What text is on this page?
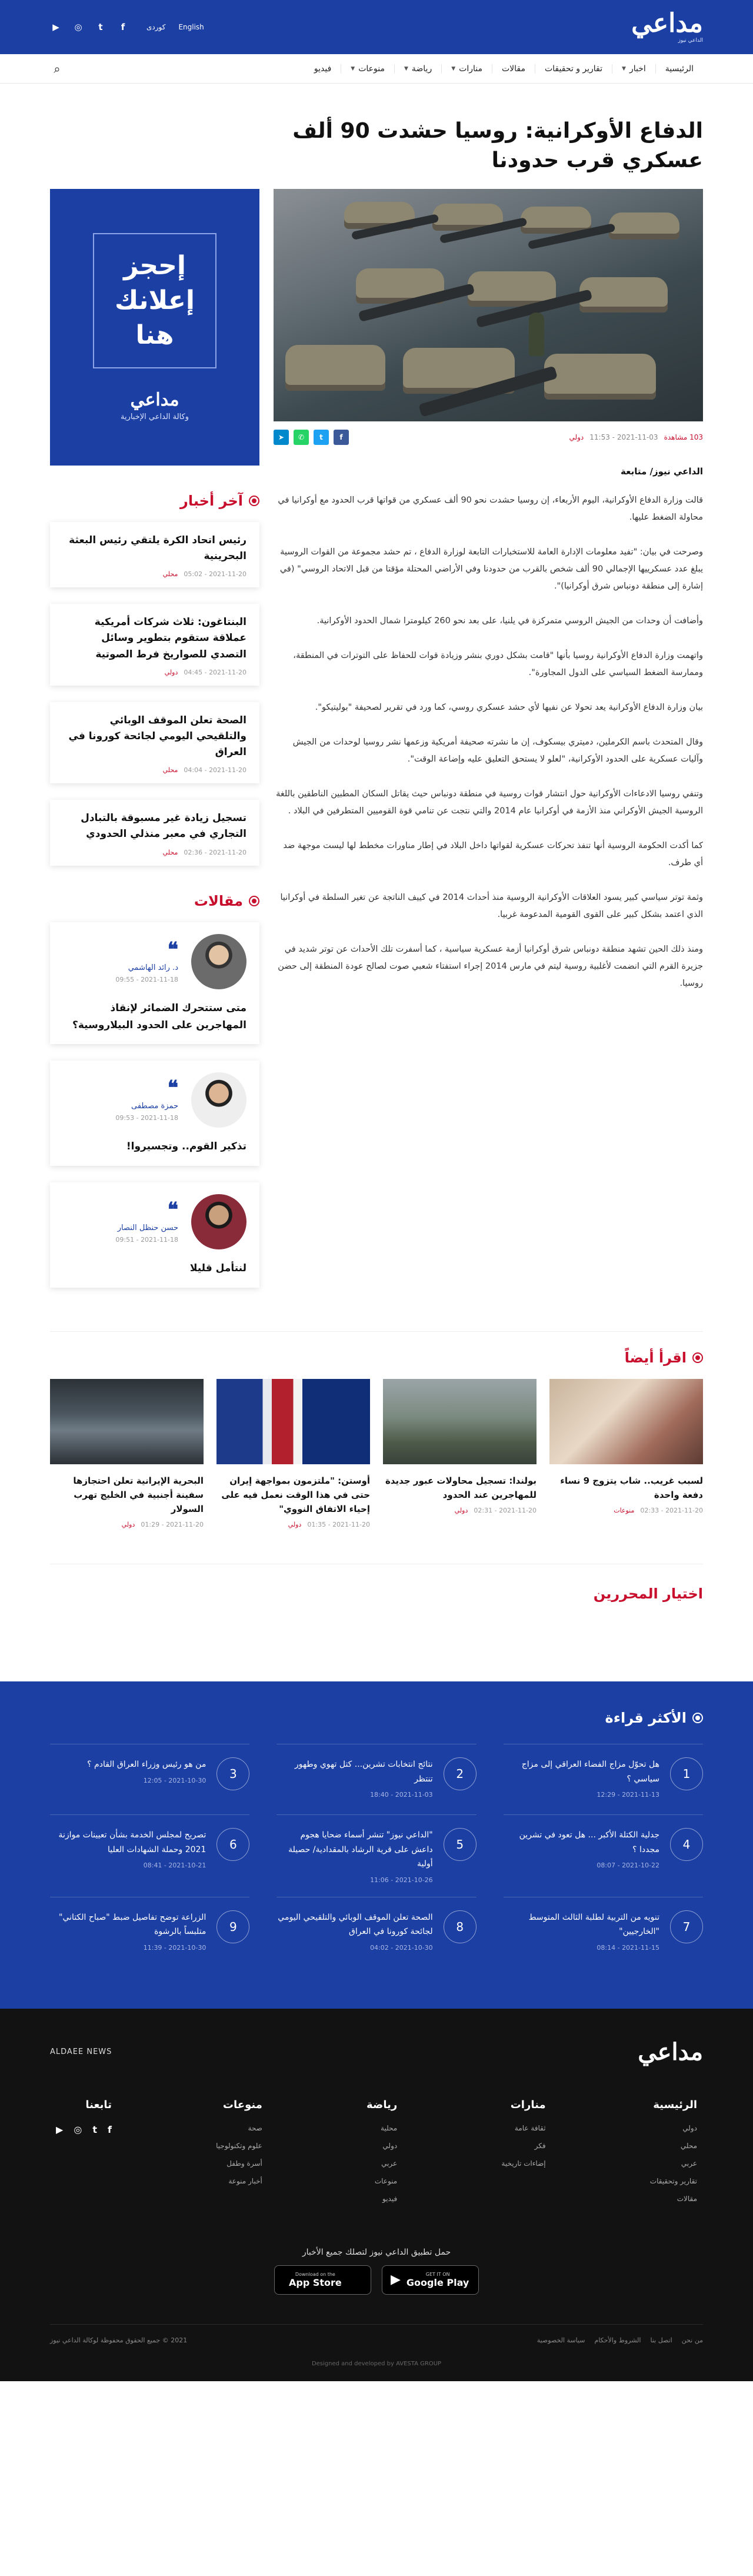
مداعي
الداعي نيوز
▶ ◎	t	f	کوردی English
الرئيسية
اخبار
▼
تقارير و تحقيقات
مقالات
منارات
▼
رياضة
▼
منوعات
▼
فيديو
⌕
الدفاع الأوكرانية: روسيا حشدت 90 ألف عسكري قرب حدودنا
103 مشاهدة
2021-11-03 - 11:53
دولي
f
t
✆
➤
الداعي نيوز/ متابعة

قالت وزارة الدفاع الأوكرانية، اليوم الأربعاء، إن روسيا حشدت نحو 90 ألف عسكري من قواتها قرب الحدود مع أوكرانيا في محاولة الضغط عليها.

وصرحت في بيان: "تفيد معلومات الإدارة العامة للاستخبارات التابعة لوزارة الدفاع ، تم حشد مجموعة من القوات الروسية يبلغ عدد عسكرييها الإجمالي 90 ألف شخص بالقرب من حدودنا وفي الأراضي المحتلة مؤقتا من قبل الاتحاد الروسي" (في إشارة إلى منطقة دونباس شرق أوكرانيا)".

وأضافت أن وحدات من الجيش الروسي متمركزة في يلنيا، على بعد نحو 260 كيلومترا شمال الحدود الأوكرانية.

واتهمت وزارة الدفاع الأوكرانية روسيا بأنها "قامت بشكل دوري بنشر وزيادة قوات للحفاظ على التوترات في المنطقة، وممارسة الضغط السياسي على الدول المجاورة".

بيان وزارة الدفاع الأوكرانية يعد تحولا عن نفيها لأي حشد عسكري روسي، كما ورد في تقرير لصحيفة "بوليتيكو".

وقال المتحدث باسم الكرملين، دميتري بيسكوف، إن ما نشرته صحيفة أمريكية وزعمها نشر روسيا لوحدات من الجيش وآليات عسكرية على الحدود الأوكرانية، "لعلو لا يستحق التعليق عليه وإضاعة الوقت".

وتنفي روسيا الادعاءات الأوكرانية حول انتشار قوات روسية في منطقة دونباس حيث يقاتل السكان المطبين الناطقين باللغة الروسية الجيش الأوكراني منذ الأزمة في أوكرانيا عام 2014 والتي نتجت عن تنامي قوة القوميين المتطرفين في البلاد .

كما أكدت الحكومة الروسية أنها تنفذ تحركات عسكرية لقواتها داخل البلاد في إطار مناورات مخطط لها ليست موجهة ضد أي طرف.

وثمة توتر سياسي كبير يسود العلاقات الأوكرانية الروسية منذ أحداث 2014 في كييف الناتجة عن تغير السلطة في أوكرانيا الذي اعتمد بشكل كبير على القوى القومية المدعومة غربيا.

ومنذ ذلك الحين تشهد منطقة دونباس شرق أوكرانيا أزمة عسكرية سياسية ، كما أسفرت تلك الأحداث عن توتر شديد في جزيرة القرم التي انضمت لأغلبية روسية ليتم في مارس 2014 إجراء استفتاء شعبي صوت لصالح عودة المنطقة إلى حضن روسيا.

إحجز إعلانك هنا
مداعي
وكالة الداعي الإخبارية
آخر أخبار
رئيس اتحاد الكرة يلتقي رئيس البعثة البحرينية
2021-11-20 - 05:02
محلي
البنتاغون: ثلاث شركات أمريكية عملاقة ستقوم بتطوير وسائل التصدي للصواريخ فرط الصوتية
2021-11-20 - 04:45
دولي
الصحة تعلن الموقف الوبائي والتلقيحي اليومي لجائحة كورونا في العراق
2021-11-20 - 04:04
محلي
تسجيل زيادة غير مسبوقة بالتبادل التجاري في معبر منذلي الحدودي
2021-11-20 - 02:36
محلي
مقالات
❝
د. رائد الهاشمي
2021-11-18 - 09:55
متى ستتحرك الضمائر لإنقاذ المهاجرين على الحدود البيلاروسية؟
❝
حمزة مصطفى
2021-11-18 - 09:53
تذكير القوم.. وتجسيروا!
❝
حسن حنظل النصار
2021-11-18 - 09:51
لنتأمل قليلا
اقرأ أيضاً
لسبب غريب.. شاب يتزوج 9 نساء دفعة واحدة
2021-11-20 - 02:33
منوعات
بولندا: تسجيل محاولات عبور جديدة للمهاجرين عند الحدود
2021-11-20 - 02:31
دولي
أوستن: "ملتزمون بمواجهة إيران حتى في هذا الوقت نعمل فيه على إحياء الاتفاق النووي"
2021-11-20 - 01:35
دولي
البحرية الإيرانية تعلن احتجازها سفينة أجنبية في الخليج تهرب السولار
2021-11-20 - 01:29
دولي
اختيار المحررين
الأكثر قراءة
1
هل تحوّل مزاج الفضاء العراقي إلى مزاج سياسي ؟
2021-11-13 - 12:29
2
نتائج انتخابات تشرين... كتل تهوي وطهور تنتظر
2021-11-03 - 18:40
3
من هو رئيس وزراء العراق القادم ؟
2021-10-30 - 12:05
4
جدلية الكتلة الأكبر ... هل تعود في تشرين مجددا ؟
2021-10-22 - 08:07
5
"الداعي نيوز" تنشر أسماء ضحايا هجوم داعش على قرية الرشاد بالمقدادية/ حصيلة أولية
2021-10-26 - 11:06
6
تصريح لمجلس الخدمة بشأن تعيينات موازنة 2021 وحملة الشهادات العليا
2021-10-21 - 08:41
7
تنويه من التربية لطلبة الثالث المتوسط "الخارجيين"
2021-11-15 - 08:14
8
الصحة تعلن الموقف الوبائي والتلقيحي اليومي لجائحة كورونا في العراق
2021-10-30 - 04:02
9
الزراعة توضح تفاصيل ضبط "صباح الكتاني" متلبساً بالرشوة
2021-10-30 - 11:39
مداعي
ALDAEE NEWS
الرئيسية
دولي
محلي
عربي
تقارير وتحقيقات
مقالات
منارات
ثقافة عامة
فكر
إضاءات تاريخية
رياضة
محلية
دولي
عربي
منوعات
فيديو
منوعات
صحة
علوم وتكنولوجيا
أسرة وطفل
أخبار منوعة
تابعنا
▶ ◎ t f

حمل تطبيق الداعي نيوز لتصلك جميع الأخبار

Download on the
App Store	▶	GET IT ON
Google Play
من نحن
اتصل بنا
الشروط والأحكام
سياسة الخصوصية
2021 © جميع الحقوق محفوظة لوكالة الداعي نيوز
Designed and developed by AVESTA GROUP
